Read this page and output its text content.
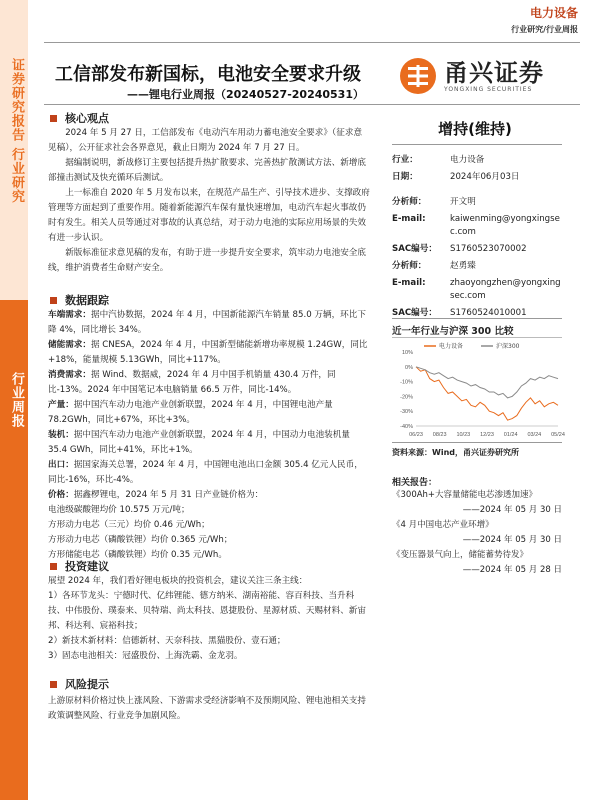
证券研究报告 行业研究
行业周报
电力设备
行业研究/行业周报
工信部发布新国标，电池安全要求升级
——锂电行业周报（20240527-20240531）
甬兴证券
YONGXING SECURITIES
增持(维持)
行业：	电力设备
日期：	2024年06月03日
分析师：	开文明
E-mail:	kaiwenming@yongxingsec.com
SAC编号：	S1760523070002
分析师：	赵勇臻
E-mail:	zhaoyongzhen@yongxingsec.com
SAC编号：	S1760524010001
近一年行业与沪深 300 比较
电力设备	沪深300
10%
0%
-10%
-20%
-30%
-40%
06/23 08/23 10/23 12/23 01/24 03/24 05/24
资料来源：Wind，甬兴证券研究所
相关报告：
《300Ah+大容量储能电芯渗透加速》
——2024 年 05 月 30 日
《4 月中国电芯产业环增》
——2024 年 05 月 30 日
《变压器景气向上，储能蓄势待发》
——2024 年 05 月 28 日
核心观点

2024 年 5 月 27 日，工信部发布《电动汽车用动力蓄电池安全要求》（征求意见稿），公开征求社会各界意见，截止日期为 2024 年 7 月 27 日。

据编制说明，新战修订主要包括提升热扩散要求、完善热扩散测试方法、新增底部撞击测试及快充循环后测试。

上一标准自 2020 年 5 月发布以来，在规范产品生产、引导技术进步、支撑政府管理等方面起到了重要作用。随着新能源汽车保有量快速增加，电动汽车起火事故仍时有发生。相关人员等通过对事故的认真总结，对于动力电池的实际应用场景的失效有进一步认识。

新版标准征求意见稿的发布，有助于进一步提升安全要求，筑牢动力电池安全底线，维护消费者生命财产安全。

数据跟踪

车端需求：据中汽协数据，2024 年 4 月，中国新能源汽车销量 85.0 万辆，环比下降 4%，同比增长 34%。

储能需求：据 CNESA，2024 年 4 月，中国新型储能新增功率规模 1.24GW，同比+18%，能量规模 5.13GWh，同比+117%。

消费需求：据 Wind、数据威，2024 年 4 月中国手机销量 430.4 万件，同比-13%。2024 年中国笔记本电脑销量 66.5 万件，同比-14%。

产量：据中国汽车动力电池产业创新联盟，2024 年 4 月，中国锂电池产量 78.2GWh，同比+67%，环比+3%。

装机：据中国汽车动力电池产业创新联盟，2024 年 4 月，中国动力电池装机量 35.4 GWh，同比+41%，环比+1%。

出口：据国家海关总署，2024 年 4 月，中国锂电池出口金额 305.4 亿元人民币，同比-16%，环比-4%。

价格：据鑫椤锂电，2024 年 5 月 31 日产业链价格为：

电池级碳酸锂均价 10.575 万元/吨；

方形动力电芯（三元）均价 0.46 元/Wh；

方形动力电芯（磷酸铁锂）均价 0.365 元/Wh；

方形储能电芯（磷酸铁锂）均价 0.35 元/Wh。

投资建议

展望 2024 年，我们看好锂电板块的投资机会，建议关注三条主线：

1）各环节龙头：宁德时代、亿纬锂能、德方纳米、湖南裕能、容百科技、当升科技、中伟股份、璞泰来、贝特瑞、尚太科技、恩捷股份、星源材质、天赐材料、新宙邦、科达利、宸裕科技；

2）新技术新材料：信德新材、天奈科技、黑猫股份、壹石通；

3）固态电池相关：冠盛股份、上海洗霸、金龙羽。

风险提示

上游原材料价格过快上涨风险、下游需求受经济影响不及预期风险、锂电池相关支持政策调整风险、行业竞争加剧风险。
